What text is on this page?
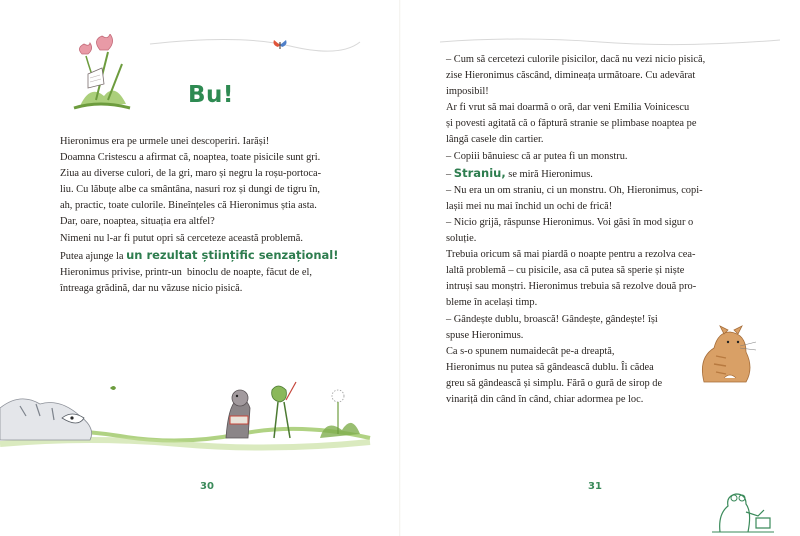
Bu!
Hieronimus era pe urmele unei descoperiri. Iarăși!
Doamna Cristescu a afirmat că, noaptea, toate pisicile sunt gri.
Ziua au diverse culori, de la gri, maro și negru la roșu-portoca-
liu. Cu lăbuțe albe ca smântâna, nasuri roz și dungi de tigru în,
ah, practic, toate culorile. Bineînțeles că Hieronimus știa asta.
Dar, oare, noaptea, situația era altfel?
Nimeni nu l-ar fi putut opri să cerceteze această problemă.
Putea ajunge la un rezultat științific senzațional!
Hieronimus privise, printr-un  binoclu de noapte, făcut de el,
întreaga grădină, dar nu văzuse nicio pisică.
30
– Cum să cercetezi culorile pisicilor, dacă nu vezi nicio pisică,
zise Hieronimus căscând, dimineața următoare. Cu adevărat
imposibil!
Ar fi vrut să mai doarmă o oră, dar veni Emilia Voinicescu
și povesti agitată că o făptură stranie se plimbase noaptea pe
lângă casele din cartier.
– Copiii bănuiesc că ar putea fi un monstru.
– Straniu, se miră Hieronimus.
– Nu era un om straniu, ci un monstru. Oh, Hieronimus, copi-
lașii mei nu mai închid un ochi de frică!
– Nicio grijă, răspunse Hieronimus. Voi găsi în mod sigur o
soluție.
Trebuia oricum să mai piardă o noapte pentru a rezolva cea-
laltă problemă – cu pisicile, asa că putea să sperie și niște
intruși sau monștri. Hieronimus trebuia să rezolve două pro-
bleme în același timp.
– Gândește dublu, broască! Gândește, gândește! își
spuse Hieronimus.
Ca s-o spunem numaidecât pe-a dreaptă,
Hieronimus nu putea să gândească dublu. Îi cădea
greu să gândească și simplu. Fără o gură de sirop de
vinariță din când în când, chiar adormea pe loc.
31
